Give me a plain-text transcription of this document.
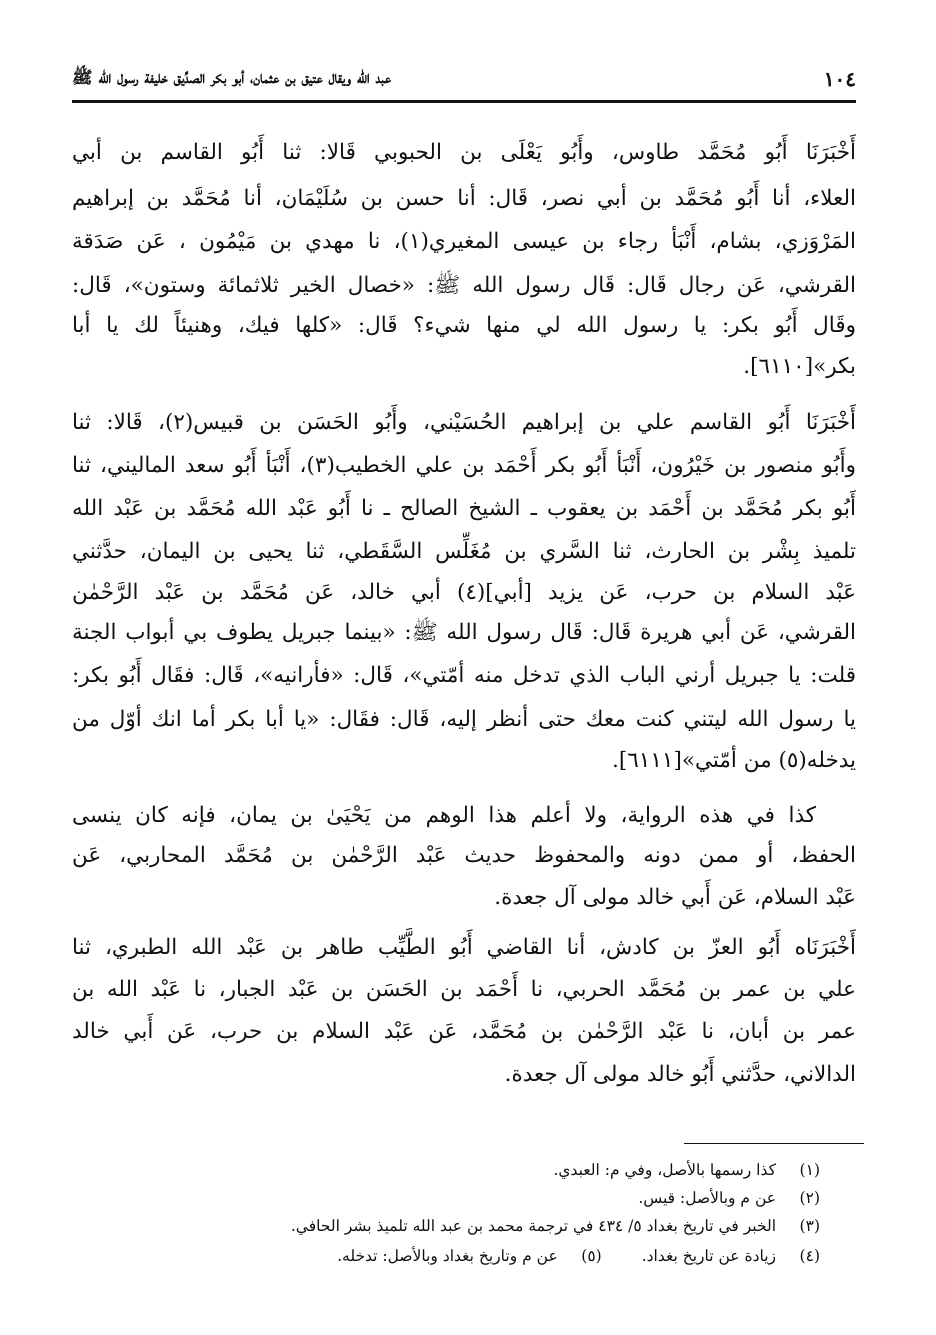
١٠٤
عبد الله ويقال عتيق بن عثمان، أبو بكر الصدِّيق خليفة رسول الله ﷺ
أَخْبَرَنَا أَبُو مُحَمَّد طاوس، وأَبُو يَعْلَى بن الحبوبي قَالا: ثنا أَبُو القاسم بن أبي
العلاء، أنا أَبُو مُحَمَّد بن أبي نصر، قَال: أنا حسن بن سُلَيْمَان، أنا مُحَمَّد بن إبراهيم
المَرْوَزي، بشام، أَنْبَأ رجاء بن عيسى المغيري(١)، نا مهدي بن مَيْمُون ، عَن صَدَقة
القرشي، عَن رجال قَال: قَال رسول الله ﷺ: «خصال الخير ثلاثمائة وستون»، قَال:
وقَال أَبُو بكر: يا رسول الله لي منها شيء؟ قَال: «كلها فيك، وهنيئاً لك يا أبا
بكر»[٦١١٠].
أَخْبَرَنَا أَبُو القاسم علي بن إبراهيم الحُسَيْني، وأَبُو الحَسَن بن قبيس(٢)، قَالا: ثنا
وأَبُو منصور بن خَيْرُون، أَنْبَأ أَبُو بكر أَحْمَد بن علي الخطيب(٣)، أَنْبَأ أَبُو سعد الماليني، ثنا
أَبُو بكر مُحَمَّد بن أَحْمَد بن يعقوب ـ الشيخ الصالح ـ نا أَبُو عَبْد الله مُحَمَّد بن عَبْد الله
تلميذ بِشْر بن الحارث، ثنا السَّري بن مُغَلِّس السَّقَطي، ثنا يحيى بن اليمان، حدَّثني
عَبْد السلام بن حرب، عَن يزيد [أبي](٤) أبي خالد، عَن مُحَمَّد بن عَبْد الرَّحْمٰن
القرشي، عَن أبي هريرة قَال: قَال رسول الله ﷺ: «بينما جبريل يطوف بي أبواب الجنة
قلت: يا جبريل أرني الباب الذي تدخل منه أمّتي»، قَال: «فأرانيه»، قَال: فقَال أَبُو بكر:
يا رسول الله ليتني كنت معك حتى أنظر إليه، قَال: فقَال: «يا أبا بكر أما انك أوّل من
يدخله(٥) من أمّتي»[٦١١١].
كذا في هذه الرواية، ولا أعلم هذا الوهم من يَحْيَىٰ بن يمان، فإنه كان ينسى
الحفظ، أو ممن دونه والمحفوظ حديث عَبْد الرَّحْمٰن بن مُحَمَّد المحاربي، عَن
عَبْد السلام، عَن أَبي خالد مولى آل جعدة.
أَخْبَرَنَاه أَبُو العزّ بن كادش، أنا القاضي أَبُو الطَّيِّب طاهر بن عَبْد الله الطبري، ثنا
علي بن عمر بن مُحَمَّد الحربي، نا أَحْمَد بن الحَسَن بن عَبْد الجبار، نا عَبْد الله بن
عمر بن أبان، نا عَبْد الرَّحْمٰن بن مُحَمَّد، عَن عَبْد السلام بن حرب، عَن أَبي خالد
الدالاني، حدَّثني أَبُو خالد مولى آل جعدة.
(١)كذا رسمها بالأصل، وفي م: العبدي.
(٢)عن م وبالأصل: قيس.
(٣)الخبر في تاريخ بغداد ٥/ ٤٣٤ في ترجمة محمد بن عبد الله تلميذ بشر الحافي.
(٤)زيادة عن تاريخ بغداد.
(٥)عن م وتاريخ بغداد وبالأصل: تدخله.
